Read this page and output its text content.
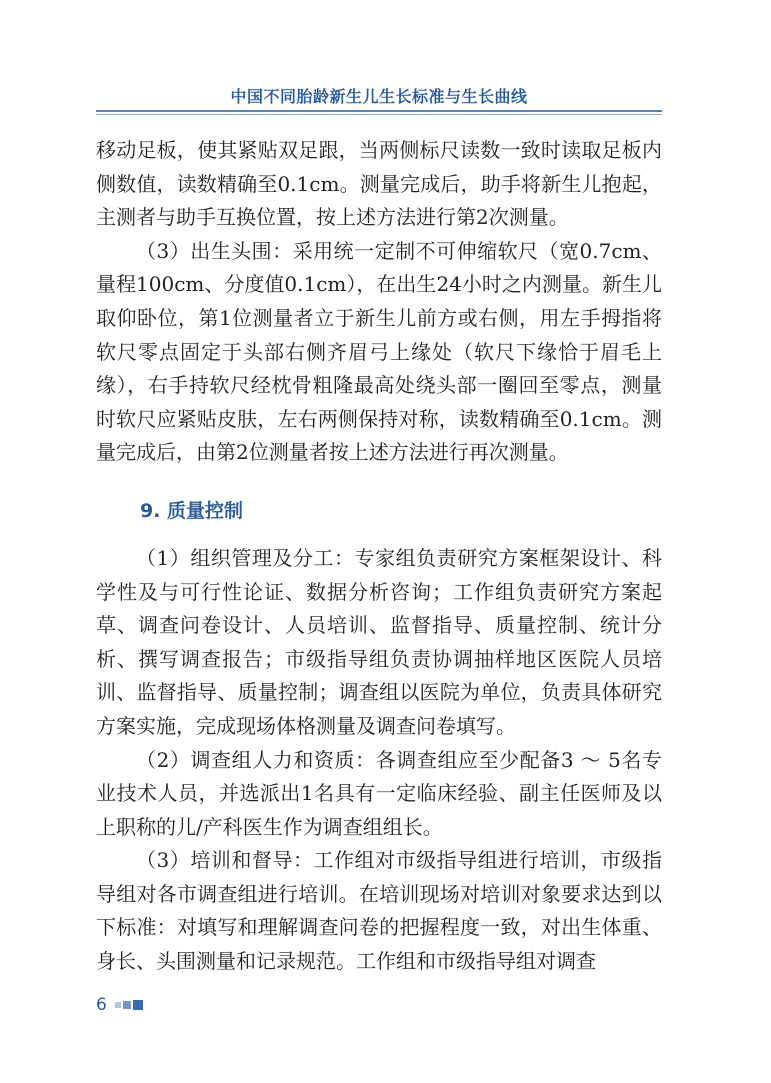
中国不同胎龄新生儿生长标准与生长曲线

移动足板，使其紧贴双足跟，当两侧标尺读数一致时读取足板内侧数值，读数精确至0.1cm。测量完成后，助手将新生儿抱起，主测者与助手互换位置，按上述方法进行第2次测量。

（3）出生头围：采用统一定制不可伸缩软尺（宽0.7cm、量程100cm、分度值0.1cm），在出生24小时之内测量。新生儿取仰卧位，第1位测量者立于新生儿前方或右侧，用左手拇指将软尺零点固定于头部右侧齐眉弓上缘处（软尺下缘恰于眉毛上缘），右手持软尺经枕骨粗隆最高处绕头部一圈回至零点，测量时软尺应紧贴皮肤，左右两侧保持对称，读数精确至0.1cm。测量完成后，由第2位测量者按上述方法进行再次测量。

9. 质量控制

（1）组织管理及分工：专家组负责研究方案框架设计、科学性及与可行性论证、数据分析咨询；工作组负责研究方案起草、调查问卷设计、人员培训、监督指导、质量控制、统计分析、撰写调查报告；市级指导组负责协调抽样地区医院人员培训、监督指导、质量控制；调查组以医院为单位，负责具体研究方案实施，完成现场体格测量及调查问卷填写。

（2）调查组人力和资质：各调查组应至少配备3 ～ 5名专业技术人员，并选派出1名具有一定临床经验、副主任医师及以上职称的儿/产科医生作为调查组组长。

（3）培训和督导：工作组对市级指导组进行培训，市级指导组对各市调查组进行培训。在培训现场对培训对象要求达到以下标准：对填写和理解调查问卷的把握程度一致，对出生体重、身长、头围测量和记录规范。工作组和市级指导组对调查

6
